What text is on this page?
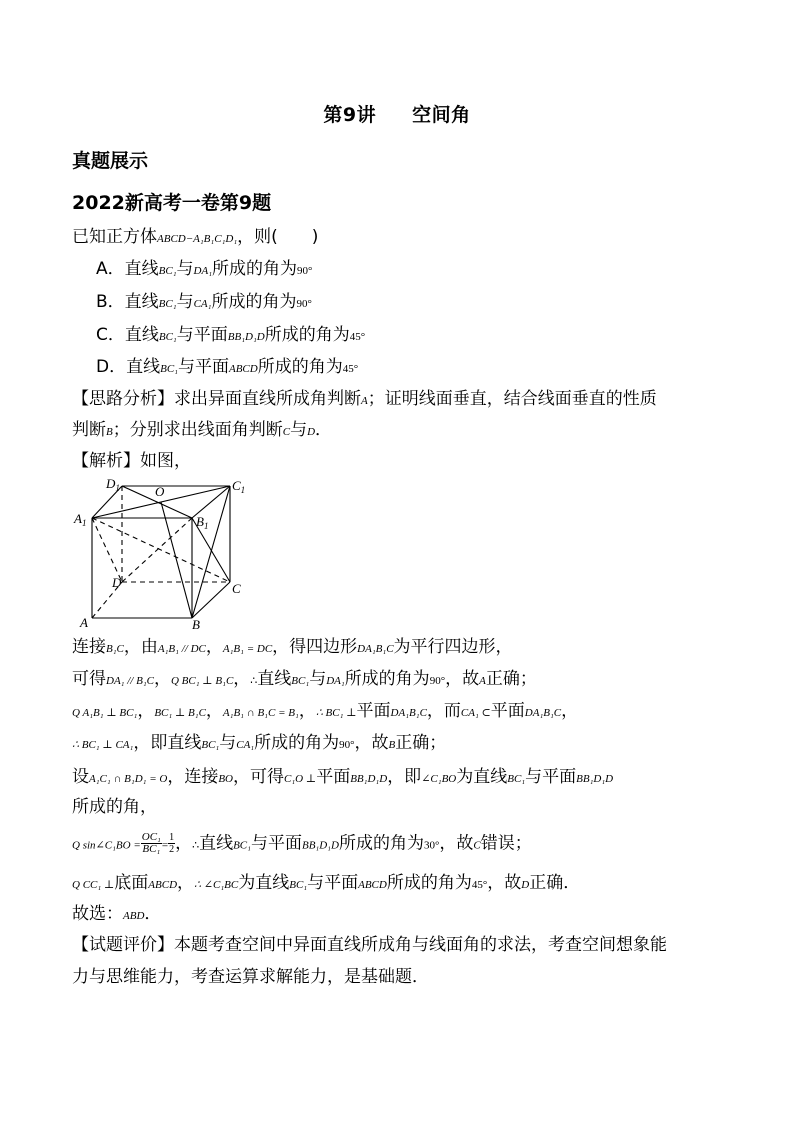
第9讲 空间角
真题展示
2022新高考一卷第9题
已知正方体ABCD−A₁B₁C₁D₁，则(　　)
A．直线BC₁与DA₁所成的角为90°
B．直线BC₁与CA₁所成的角为90°
C．直线BC₁与平面BB₁D₁D所成的角为45°
D．直线BC₁与平面ABCD所成的角为45°
【思路分析】求出异面直线所成角判断A；证明线面垂直，结合线面垂直的性质
判断B；分别求出线面角判断C与D．
【解析】如图，
$D_1$	O	$C_1$
$A_1$	$B_1$
D	C
A	B
连接B₁C，由A₁B₁ // DC，A₁B₁ = DC，得四边形DA₁B₁C为平行四边形，
可得DA₁ // B₁C，Q BC₁ ⊥ B₁C，∴直线BC₁与DA₁所成的角为90°，故A正确；
Q A₁B₁ ⊥ BC₁，BC₁ ⊥ B₁C，A₁B₁ ∩ B₁C = B₁，∴ BC₁ ⊥平面DA₁B₁C，而CA₁ ⊂平面DA₁B₁C，
∴ BC₁ ⊥ CA₁，即直线BC₁与CA₁所成的角为90°，故B正确；
设A₁C₁ ∩ B₁D₁ = O，连接BO，可得C₁O ⊥平面BB₁D₁D，即∠C₁BO为直线BC₁与平面BB₁D₁D
所成的角，
Q sin∠C₁BO = $\frac{\text{OC₁}}{\text{BC₁}} = \frac{1}{2}$ ，∴直线BC₁与平面BB₁D₁D所成的角为30°，故C错误；
Q CC₁ ⊥底面ABCD，∴ ∠C₁BC为直线BC₁与平面ABCD所成的角为45°，故D正确．
故选：ABD．
【试题评价】本题考查空间中异面直线所成角与线面角的求法，考查空间想象能
力与思维能力，考查运算求解能力，是基础题．
